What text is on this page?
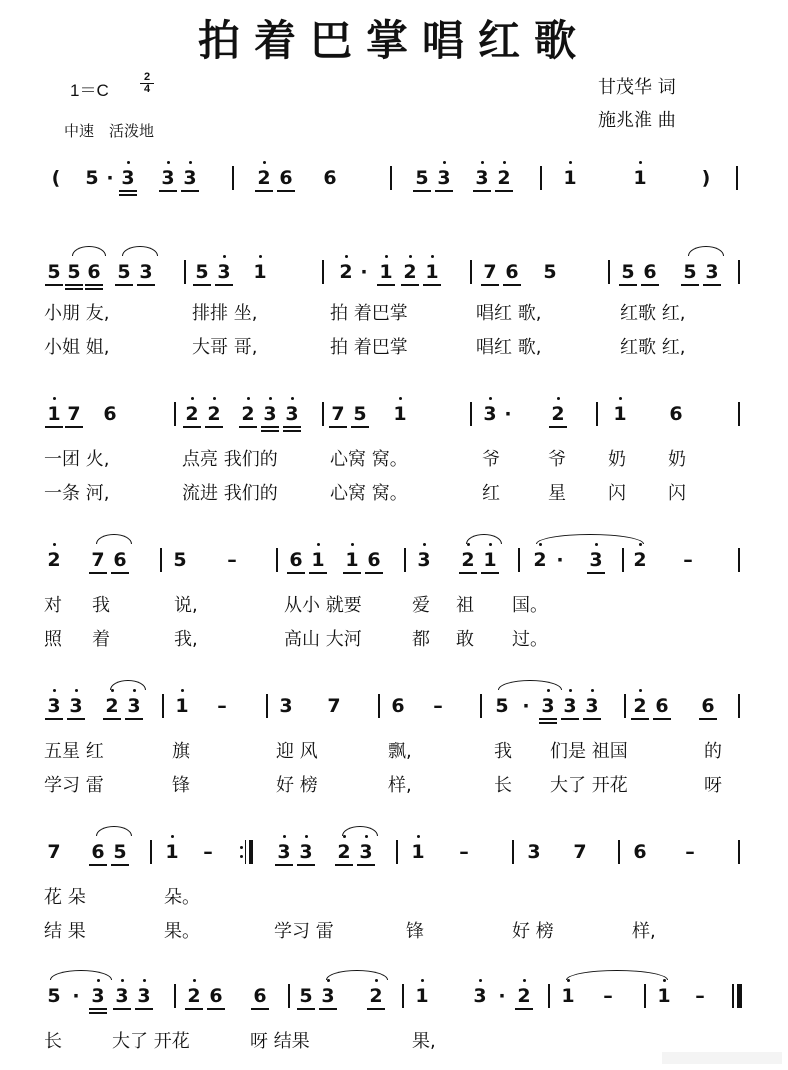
拍着巴掌唱红歌
1＝C
2
4
中速　活泼地
甘茂华 词
施兆淮 曲
( 5 · 3 3 3	2 6 6	5 3 3 2	1	1	)
5 5 6 5 3 5 3 1	2 · 1 2 1 7 6 5	5 6 5 3
1 7 6	2 2 2 3 3 7 5 1	3 · 2	1 6
2 7 6 5 –	6 1 1 6 3 2 1 2 · 3 2 –
3 3 2 3 1 –	3 7	6 –	5 · 3 3 3 2 6 6
7 6 5 1 –	3 3 2 3 1 –	3 7 6 –
5 · 3 3 3 2 6 6 5 3 2 1 3 · 2 1 – 1 –
小朋 友,	排排 坐,	拍 着巴掌	唱红 歌,	红歌 红,
小姐 姐,	大哥 哥,	拍 着巴掌	唱红 歌,	红歌 红,
一团 火,	点亮 我们的	心窝 窝。	爷	爷 奶 奶
一条 河,	流进 我们的	心窝 窝。	红	星 闪 闪
对 我	说,	从小 就要	爱 祖 国。
照 着	我,	高山 大河	都 敢 过。
五星 红	旗	迎 风	飘,	我 们是 祖国	的
学习 雷	锋	好 榜	样,	长 大了 开花	呀
花 朵	朵。
结 果	果。	学习 雷	锋	好 榜	样,
长	大了 开花	呀 结果	果,
